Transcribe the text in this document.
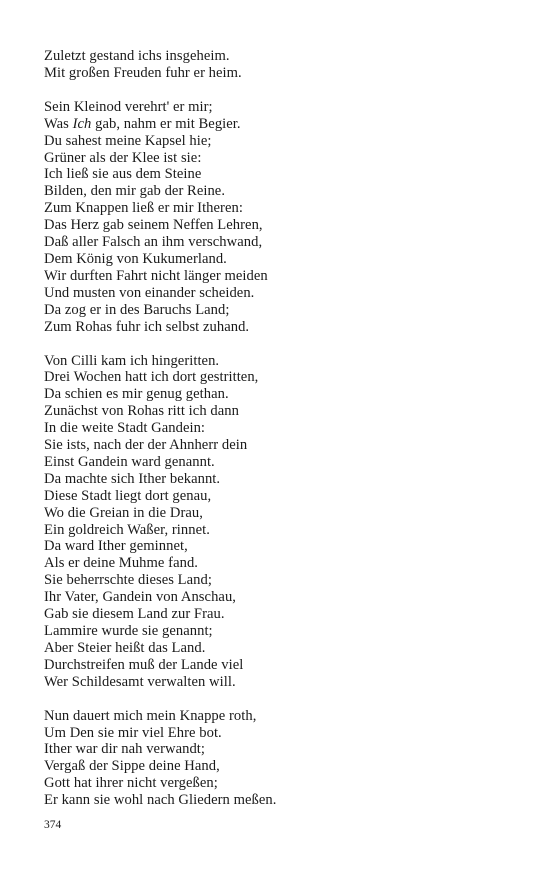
Zuletzt gestand ichs insgeheim.
Mit großen Freuden fuhr er heim.
Sein Kleinod verehrt' er mir;
Was Ich gab, nahm er mit Begier.
Du sahest meine Kapsel hie;
Grüner als der Klee ist sie:
Ich ließ sie aus dem Steine
Bilden, den mir gab der Reine.
Zum Knappen ließ er mir Itheren:
Das Herz gab seinem Neffen Lehren,
Daß aller Falsch an ihm verschwand,
Dem König von Kukumerland.
Wir durften Fahrt nicht länger meiden
Und musten von einander scheiden.
Da zog er in des Baruchs Land;
Zum Rohas fuhr ich selbst zuhand.
Von Cilli kam ich hingeritten.
Drei Wochen hatt ich dort gestritten,
Da schien es mir genug gethan.
Zunächst von Rohas ritt ich dann
In die weite Stadt Gandein:
Sie ists, nach der der Ahnherr dein
Einst Gandein ward genannt.
Da machte sich Ither bekannt.
Diese Stadt liegt dort genau,
Wo die Greian in die Drau,
Ein goldreich Waßer, rinnet.
Da ward Ither geminnet,
Als er deine Muhme fand.
Sie beherrschte dieses Land;
Ihr Vater, Gandein von Anschau,
Gab sie diesem Land zur Frau.
Lammire wurde sie genannt;
Aber Steier heißt das Land.
Durchstreifen muß der Lande viel
Wer Schildesamt verwalten will.
Nun dauert mich mein Knappe roth,
Um Den sie mir viel Ehre bot.
Ither war dir nah verwandt;
Vergaß der Sippe deine Hand,
Gott hat ihrer nicht vergeßen;
Er kann sie wohl nach Gliedern meßen.
374
